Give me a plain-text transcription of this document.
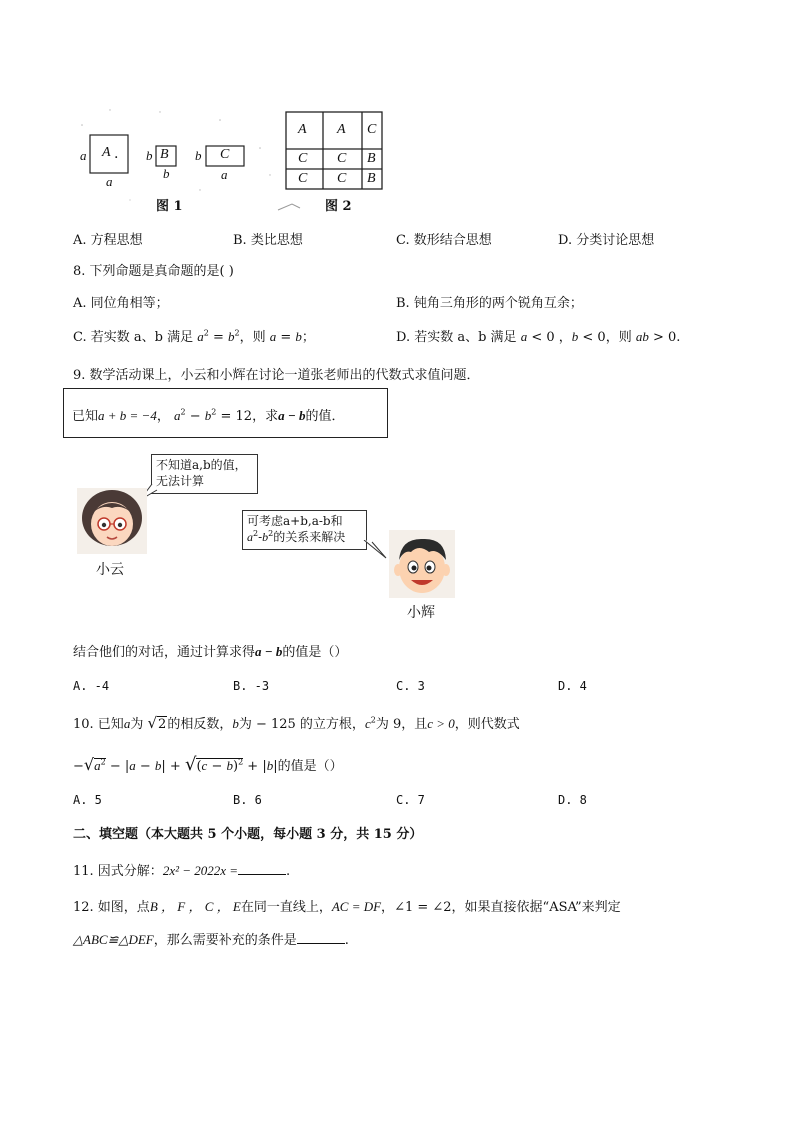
A .
a
a
B
b
b
C
b
a
图 1
A A C
C C B
C C B
图 2
A. 方程思想	B. 类比思想	C. 数形结合思想	D. 分类讨论思想
8. 下列命题是真命题的是( )
A. 同位角相等；	B. 钝角三角形的两个锐角互余；
C. 若实数 a、b 满足 $a^2 = b^2$，则 a = b；	D. 若实数 a、b 满足 a < 0 ，b < 0，则 ab > 0.
9. 数学活动课上，小云和小辉在讨论一道张老师出的代数式求值问题．
已知a + b = −4， $a^2 - b^2 = 12$，求a − b的值．
不知道a,b的值，
无法计算
可考虑a+b,a-b和
$a^2-b^2$的关系来解决
小云
小辉
结合他们的对话，通过计算求得a − b的值是（）
A. -4	B. -3	C. 3	D. 4
10. 已知a为 √2的相反数，b为 − 125 的立方根，$c^2$为 9，且c > 0，则代数式
$-√a^2 - |a - b| + √(c - b)^2 + |b|$的值是（）
A. 5	B. 6	C. 7	D. 8
二、填空题（本大题共 5 个小题，每小题 3 分，共 15 分）
11. 因式分解：2x² − 2022x =	.
12. 如图，点B ， F ， C ， E在同一直线上，AC = DF，∠1 = ∠2，如果直接依据“ASA”来判定
△ABC≌△DEF，那么需要补充的条件是	.
